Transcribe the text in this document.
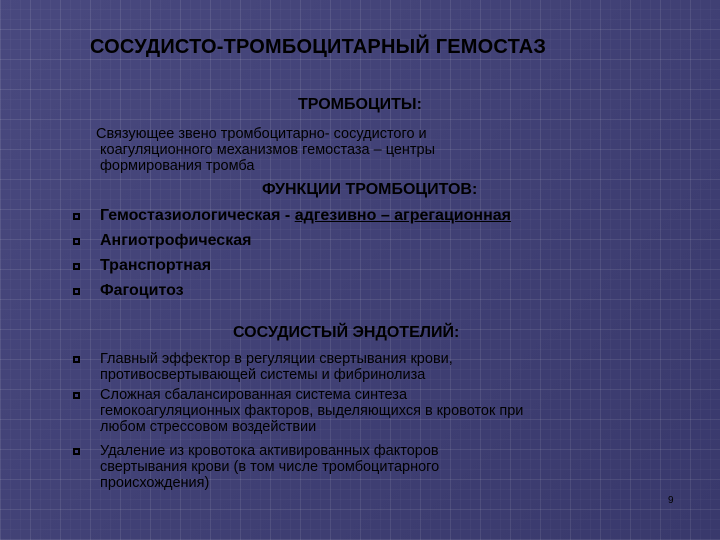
СОСУДИСТО-ТРОМБОЦИТАРНЫЙ ГЕМОСТАЗ
ТРОМБОЦИТЫ:
Связующее звено тромбоцитарно- сосудистого и
коагуляционного механизмов гемостаза – центры
формирования тромба
ФУНКЦИИ ТРОМБОЦИТОВ:
Гемостазиологическая - адгезивно – агрегационная
Ангиотрофическая
Транспортная
Фагоцитоз
СОСУДИСТЫЙ ЭНДОТЕЛИЙ:
Главный эффектор в регуляции свертывания крови,
противосвертывающей системы и фибринолиза
Сложная сбалансированная система синтеза
гемокоагуляционных факторов, выделяющихся в кровоток при
любом стрессовом воздействии
Удаление из кровотока активированных факторов
свертывания крови (в том числе тромбоцитарного
происхождения)
9
